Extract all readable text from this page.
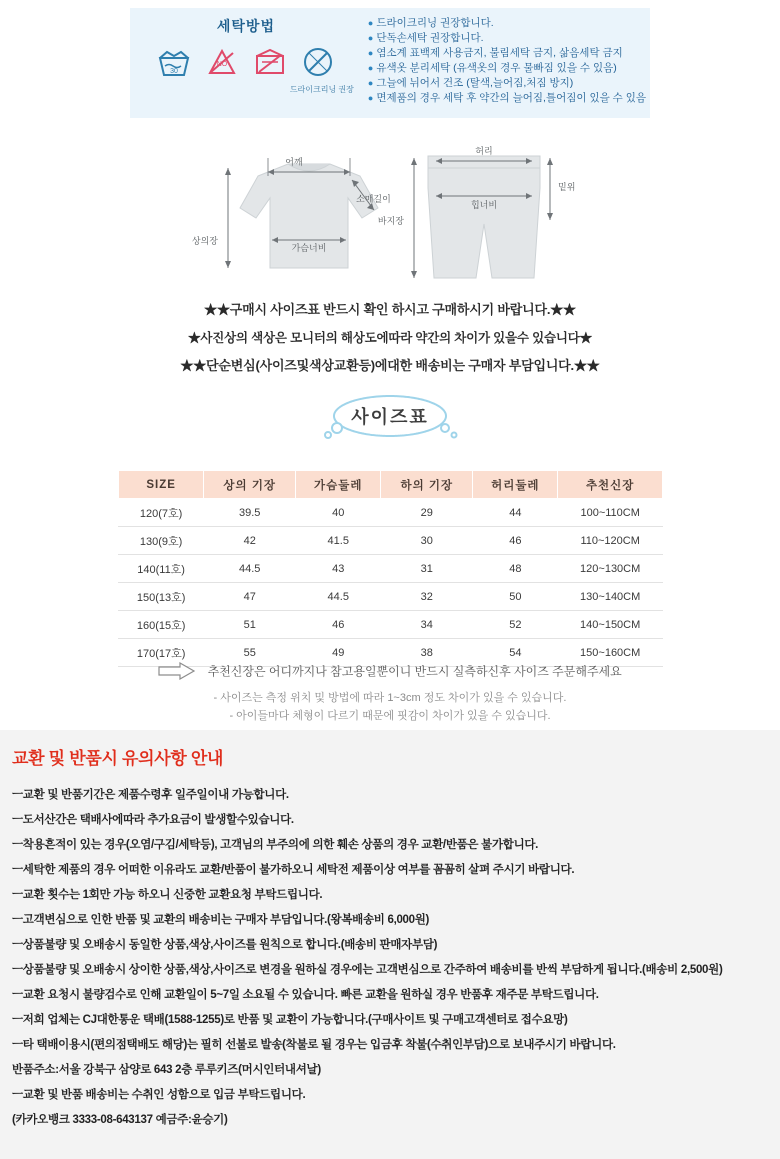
세탁방법
30
NO
드라이크리닝 권장
● 드라이크리닝 권장합니다.
● 단독손세탁 권장합니다.
● 염소계 표백제 사용금지, 불림세탁 금지, 삶음세탁 금지
● 유색옷 분리세탁 (유색옷의 경우 물빠짐 있을 수 있음)
● 그늘에 뉘어서 건조 (탈색,늘어짐,처짐 방지)
● 면제품의 경우 세탁 후 약간의 늘어짐,틀어짐이 있을 수 있음
어깨
소매길이
상의장
가슴너비
허리
힙너비
밑위
바지장
★★구매시 사이즈표 반드시 확인 하시고 구매하시기 바랍니다.★★
★사진상의 색상은 모니터의 해상도에따라 약간의 차이가 있을수 있습니다★
★★단순변심(사이즈및색상교환등)에대한 배송비는 구매자 부담입니다.★★
사이즈표
SIZE	상의 기장	가슴둘레	하의 기장	허리둘레	추천신장
120(7호)	39.5	40	29	44	100~110CM
130(9호)	42	41.5	30	46	110~120CM
140(11호)	44.5	43	31	48	120~130CM
150(13호)	47	44.5	32	50	130~140CM
160(15호)	51	46	34	52	140~150CM
170(17호)	55	49	38	54	150~160CM
추천신장은 어디까지나 참고용일뿐이니 반드시 실측하신후 사이즈 주문해주세요
- 사이즈는 측정 위치 및 방법에 따라 1~3cm 정도 차이가 있을 수 있습니다.
- 아이들마다 체형이 다르기 때문에 핏감이 차이가 있을 수 있습니다.
교환 및 반품시 유의사항 안내
ㅡ교환 및 반품기간은 제품수령후 일주일이내 가능합니다.
ㅡ도서산간은 택배사에따라 추가요금이 발생할수있습니다.
ㅡ착용흔적이 있는 경우(오염/구김/세탁등), 고객님의 부주의에 의한 훼손 상품의 경우 교환/반품은 불가합니다.
ㅡ세탁한 제품의 경우 어떠한 이유라도 교환/반품이 불가하오니 세탁전 제품이상 여부를 꼼꼼히 살펴 주시기 바랍니다.
ㅡ교환 횟수는 1회만 가능 하오니 신중한 교환요청 부탁드립니다.
ㅡ고객변심으로 인한 반품 및 교환의 배송비는 구매자 부담입니다.(왕복배송비 6,000원)
ㅡ상품불량 및 오배송시 동일한 상품,색상,사이즈를 원칙으로 합니다.(배송비 판매자부담)
ㅡ상품불량 및 오배송시 상이한 상품,색상,사이즈로 변경을 원하실 경우에는 고객변심으로 간주하여 배송비를 반씩 부담하게 됩니다.(배송비 2,500원)
ㅡ교환 요청시 불량검수로 인해 교환일이 5~7일 소요될 수 있습니다. 빠른 교환을 원하실 경우 반품후 재주문 부탁드립니다.
ㅡ저희 업체는 CJ대한통운 택배(1588-1255)로 반품 및 교환이 가능합니다.(구매사이트 및 구매고객센터로 접수요망)
ㅡ타 택배이용시(편의점택배도 해당)는 필히 선불로 발송(착불로 될 경우는 입금후 착불(수취인부담)으로 보내주시기 바랍니다.
반품주소:서울 강북구 삼양로 643 2층 루루키즈(머시인터내셔날)
ㅡ교환 및 반품 배송비는 수취인 성함으로 입금 부탁드립니다.
(카카오뱅크 3333-08-643137 예금주:윤승기)
